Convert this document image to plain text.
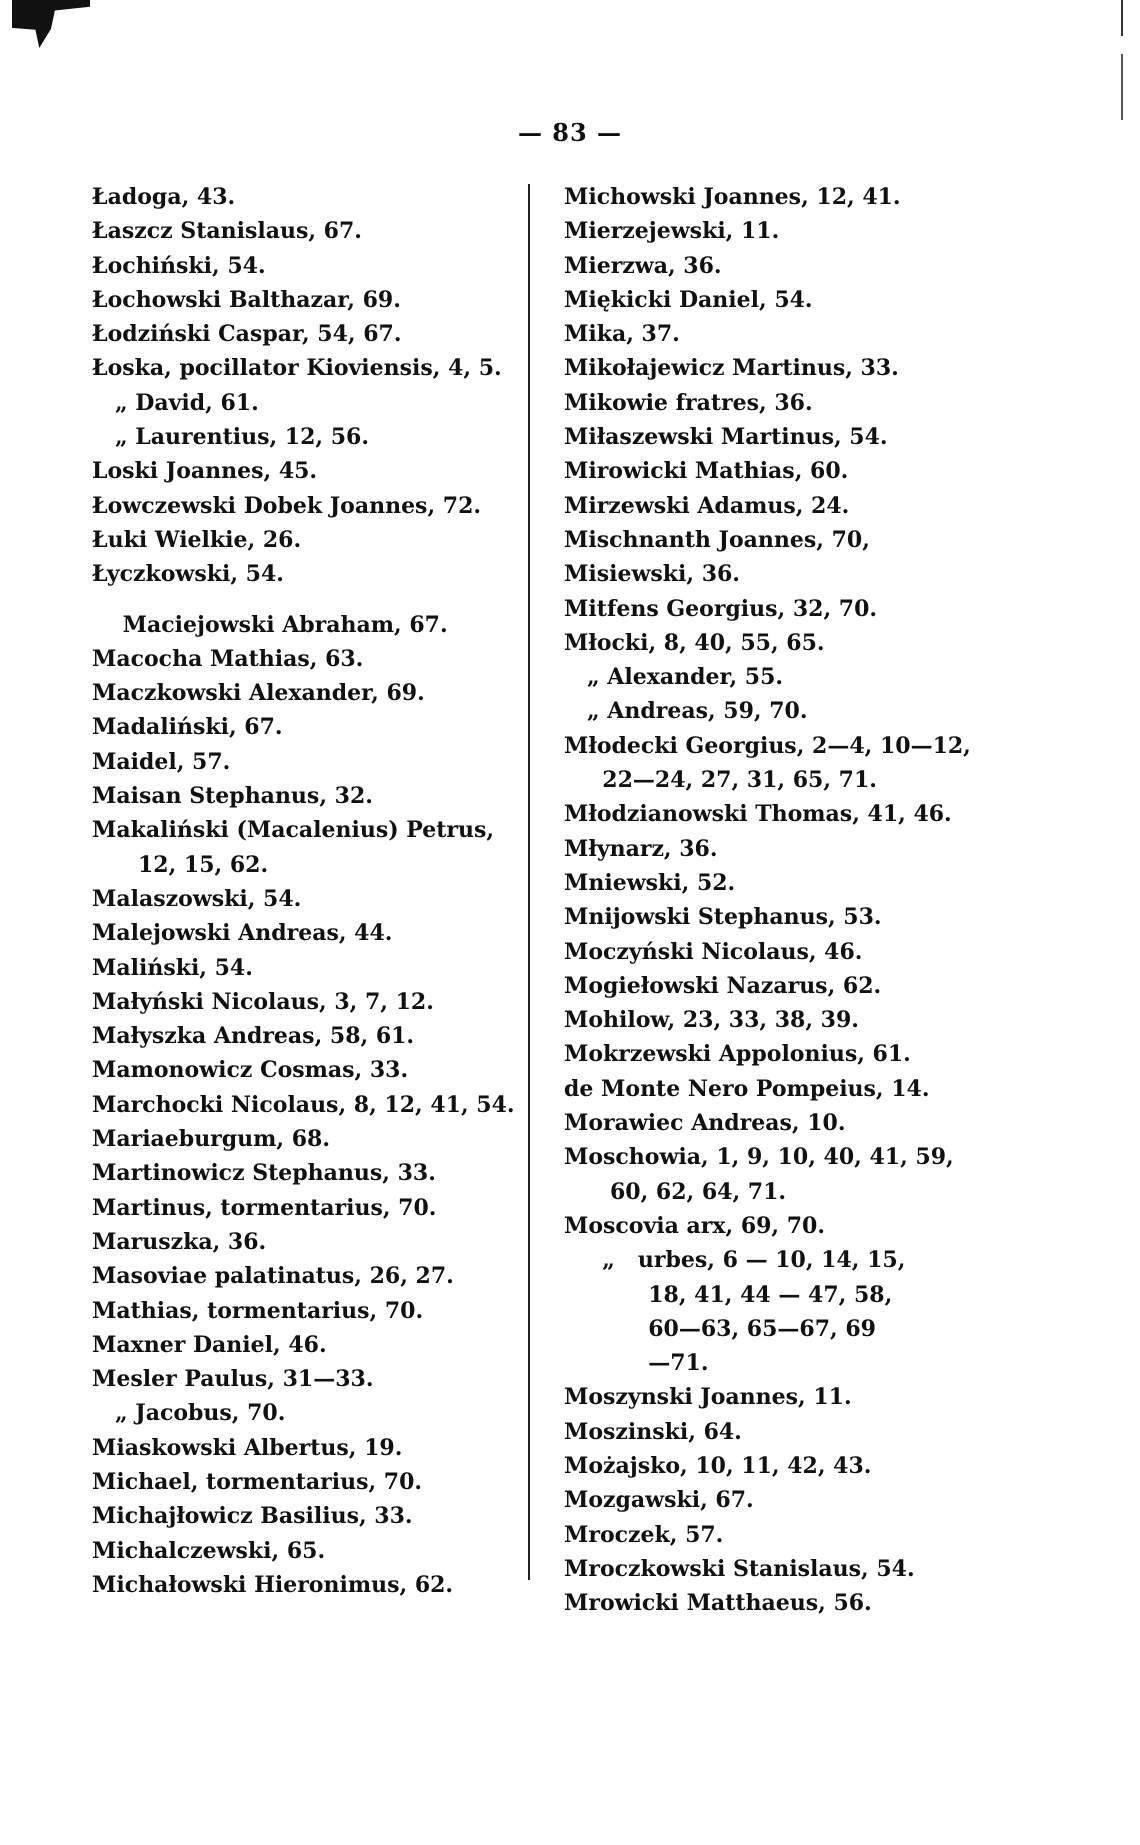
— 83 —
Ładoga, 43.
Łaszcz Stanislaus, 67.
Łochiński, 54.
Łochowski Balthazar, 69.
Łodziński Caspar, 54, 67.
Łoska, pocillator Kioviensis, 4, 5.
„ David, 61.
„ Laurentius, 12, 56.
Loski Joannes, 45.
Łowczewski Dobek Joannes, 72.
Łuki Wielkie, 26.
Łyczkowski, 54.
Maciejowski Abraham, 67.
Macocha Mathias, 63.
Maczkowski Alexander, 69.
Madaliński, 67.
Maidel, 57.
Maisan Stephanus, 32.
Makaliński (Macalenius) Petrus,
12, 15, 62.
Malaszowski, 54.
Malejowski Andreas, 44.
Maliński, 54.
Małyński Nicolaus, 3, 7, 12.
Małyszka Andreas, 58, 61.
Mamonowicz Cosmas, 33.
Marchocki Nicolaus, 8, 12, 41, 54.
Mariaeburgum, 68.
Martinowicz Stephanus, 33.
Martinus, tormentarius, 70.
Maruszka, 36.
Masoviae palatinatus, 26, 27.
Mathias, tormentarius, 70.
Maxner Daniel, 46.
Mesler Paulus, 31—33.
„ Jacobus, 70.
Miaskowski Albertus, 19.
Michael, tormentarius, 70.
Michajłowicz Basilius, 33.
Michalczewski, 65.
Michałowski Hieronimus, 62.
Michowski Joannes, 12, 41.
Mierzejewski, 11.
Mierzwa, 36.
Miękicki Daniel, 54.
Mika, 37.
Mikołajewicz Martinus, 33.
Mikowie fratres, 36.
Miłaszewski Martinus, 54.
Mirowicki Mathias, 60.
Mirzewski Adamus, 24.
Mischnanth Joannes, 70,
Misiewski, 36.
Mitfens Georgius, 32, 70.
Młocki, 8, 40, 55, 65.
„ Alexander, 55.
„ Andreas, 59, 70.
Młodecki Georgius, 2—4, 10—12,
22—24, 27, 31, 65, 71.
Młodzianowski Thomas, 41, 46.
Młynarz, 36.
Mniewski, 52.
Mnijowski Stephanus, 53.
Moczyński Nicolaus, 46.
Mogiełowski Nazarus, 62.
Mohilow, 23, 33, 38, 39.
Mokrzewski Appolonius, 61.
de Monte Nero Pompeius, 14.
Morawiec Andreas, 10.
Moschowia, 1, 9, 10, 40, 41, 59,
60, 62, 64, 71.
Moscovia arx, 69, 70.
„   urbes, 6 — 10, 14, 15,
18, 41, 44 — 47, 58,
60—63, 65—67, 69
—71.
Moszynski Joannes, 11.
Moszinski, 64.
Możajsko, 10, 11, 42, 43.
Mozgawski, 67.
Mroczek, 57.
Mroczkowski Stanislaus, 54.
Mrowicki Matthaeus, 56.
